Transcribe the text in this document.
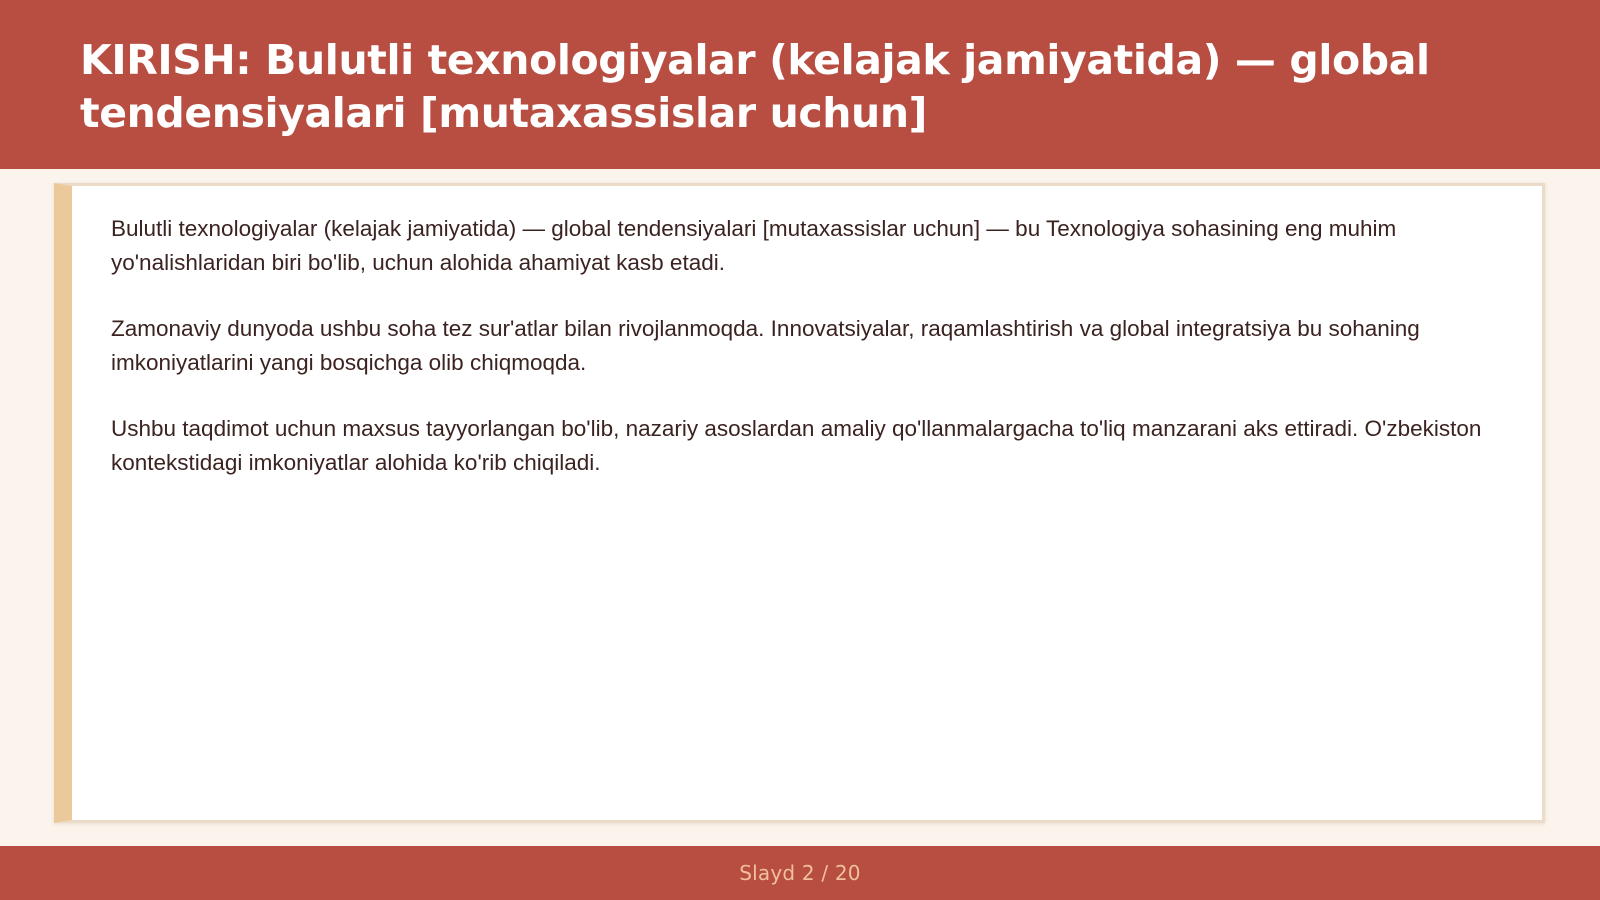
KIRISH: Bulutli texnologiyalar (kelajak jamiyatida) — global tendensiyalari [mutaxassislar uchun]

Bulutli texnologiyalar (kelajak jamiyatida) — global tendensiyalari [mutaxassislar uchun] — bu Texnologiya sohasining eng muhim yo'nalishlaridan biri bo'lib, uchun alohida ahamiyat kasb etadi.

Zamonaviy dunyoda ushbu soha tez sur'atlar bilan rivojlanmoqda. Innovatsiyalar, raqamlashtirish va global integratsiya bu sohaning imkoniyatlarini yangi bosqichga olib chiqmoqda.

Ushbu taqdimot uchun maxsus tayyorlangan bo'lib, nazariy asoslardan amaliy qo'llanmalargacha to'liq manzarani aks ettiradi. O'zbekiston kontekstidagi imkoniyatlar alohida ko'rib chiqiladi.

Slayd 2 / 20
